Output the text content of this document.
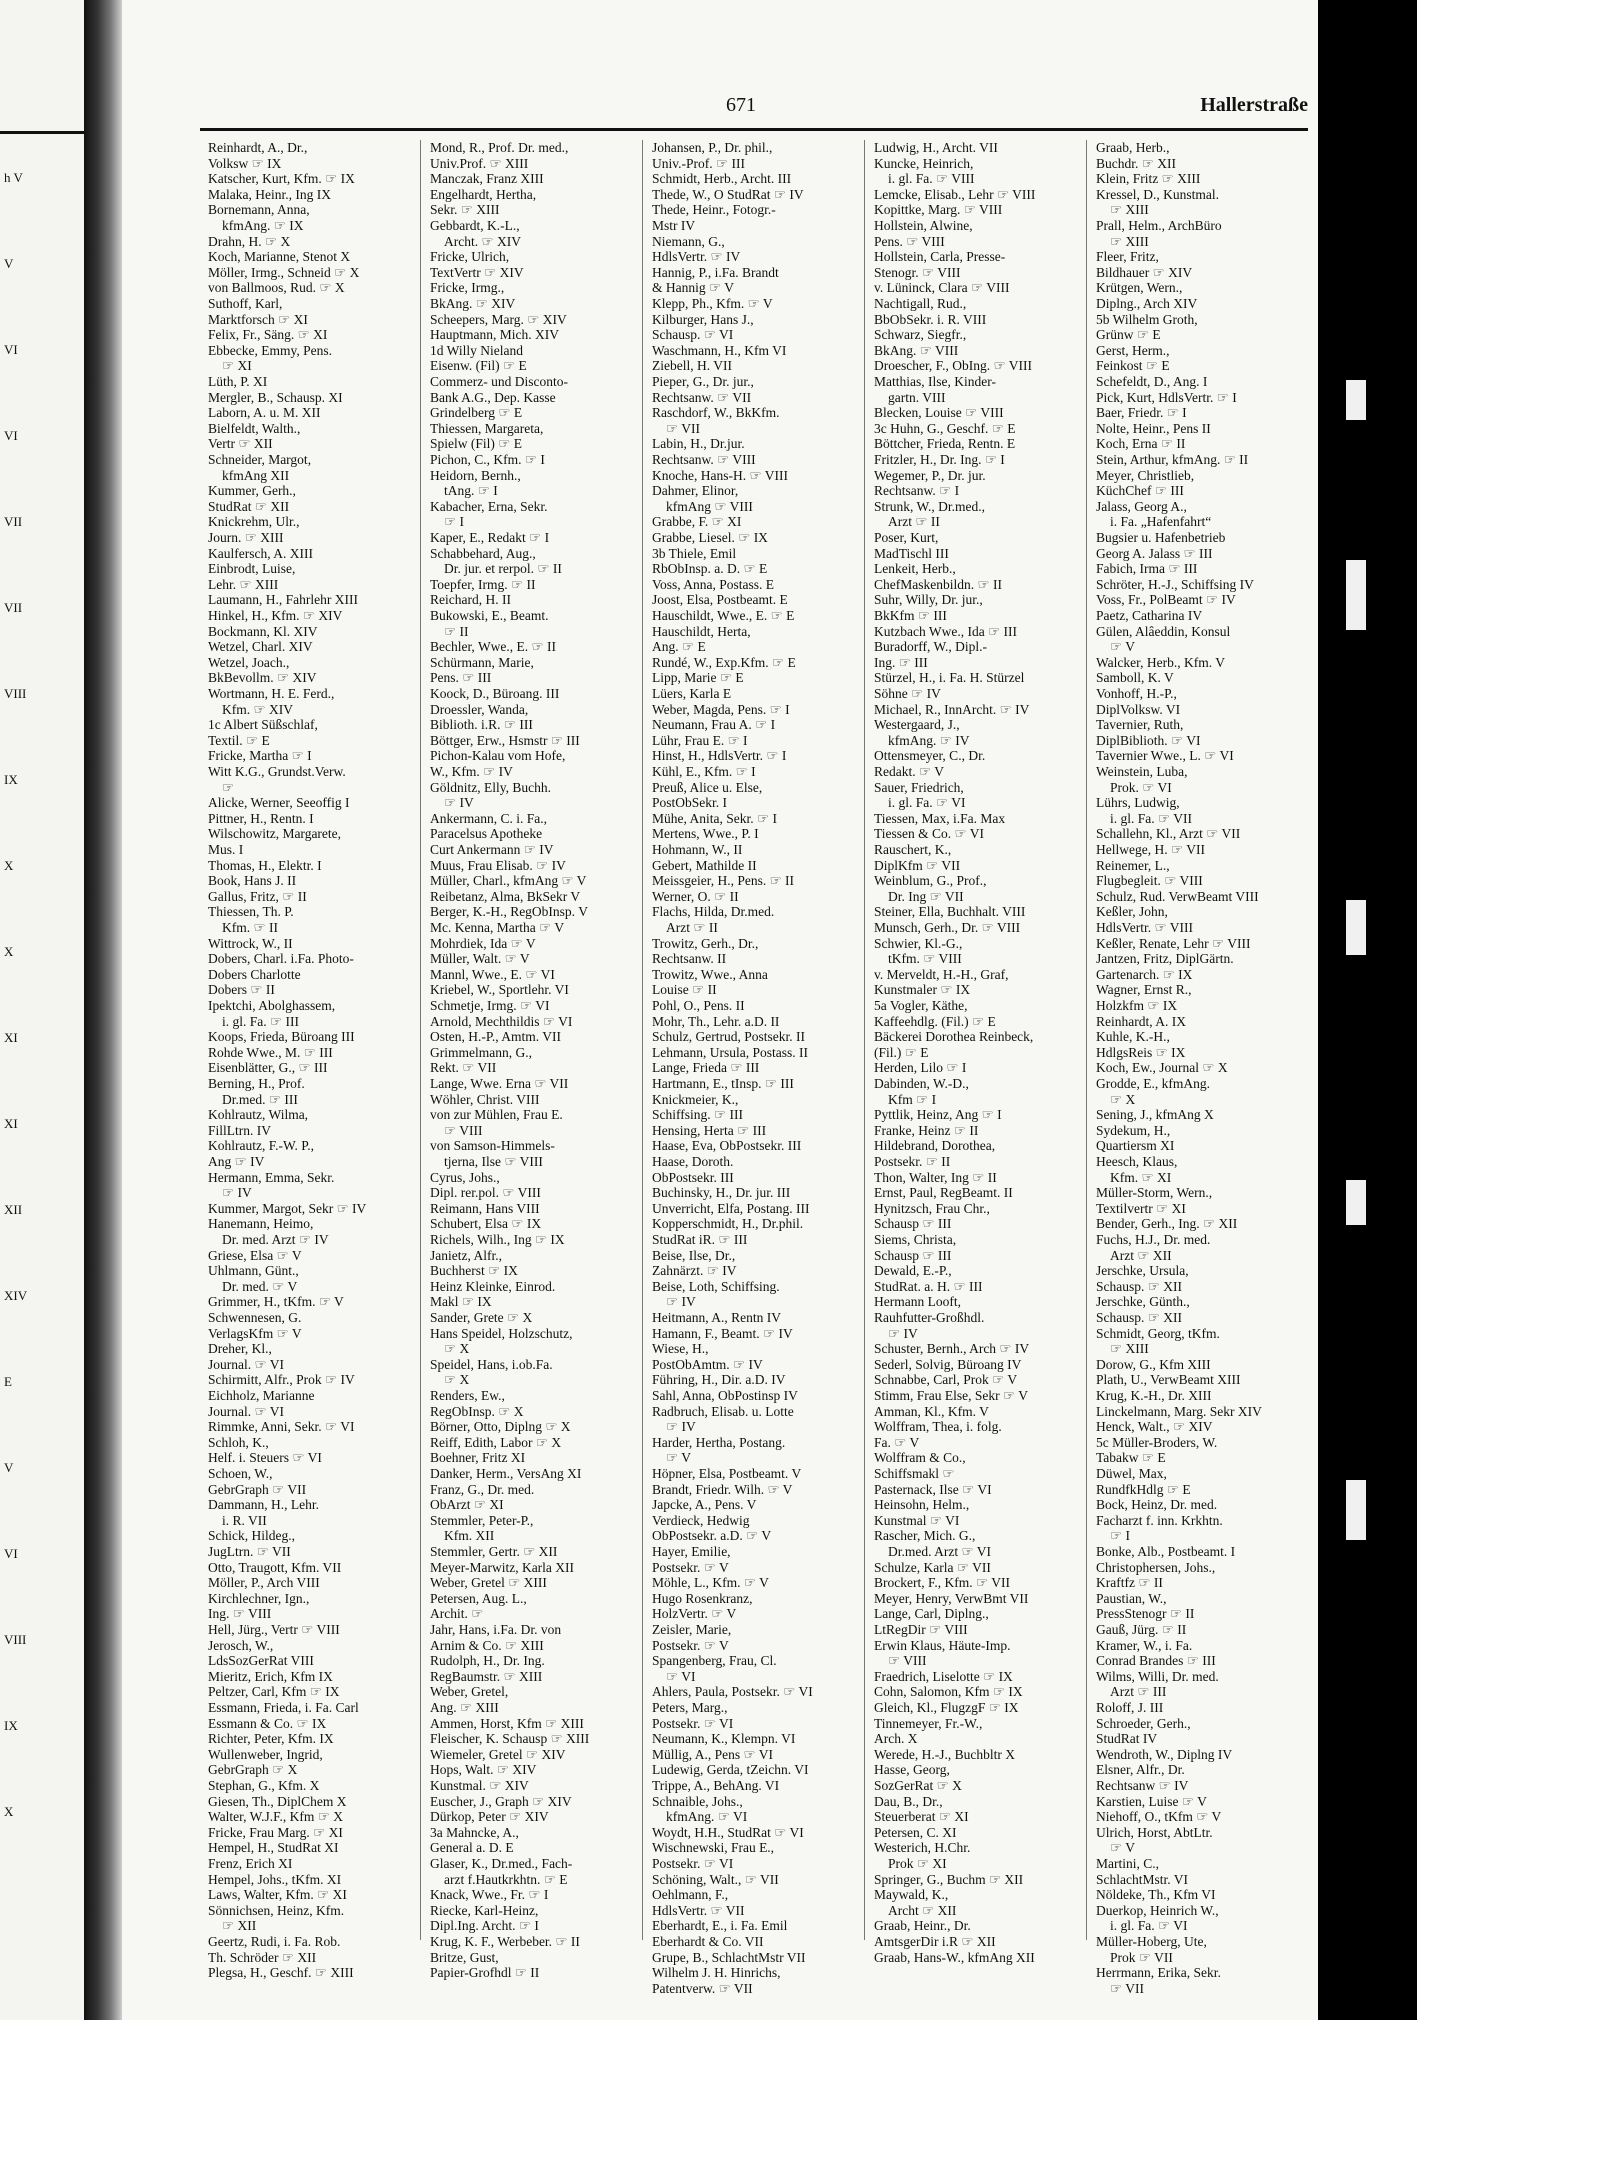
h V
V
VI
VI
VII
VII
VIII
IX
X
X
XI
XI
XII
XIV
E
V
VI
VIII
IX
X
671	Hallerstraße
Reinhardt, A., Dr.,
Volksw ☞ IX
Katscher, Kurt, Kfm. ☞ IX
Malaka, Heinr., Ing IX
Bornemann, Anna,
kfmAng. ☞ IX
Drahn, H. ☞ X
Koch, Marianne, Stenot X
Möller, Irmg., Schneid ☞ X
von Ballmoos, Rud. ☞ X
Suthoff, Karl,
Marktforsch ☞ XI
Felix, Fr., Säng. ☞ XI
Ebbecke, Emmy, Pens.
☞ XI
Lüth, P. XI
Mergler, B., Schausp. XI
Laborn, A. u. M. XII
Bielfeldt, Walth.,
Vertr ☞ XII
Schneider, Margot,
kfmAng XII
Kummer, Gerh.,
StudRat ☞ XII
Knickrehm, Ulr.,
Journ. ☞ XIII
Kaulfersch, A. XIII
Einbrodt, Luise,
Lehr. ☞ XIII
Laumann, H., Fahrlehr XIII
Hinkel, H., Kfm. ☞ XIV
Bockmann, Kl. XIV
Wetzel, Charl. XIV
Wetzel, Joach.,
BkBevollm. ☞ XIV
Wortmann, H. E. Ferd.,
Kfm. ☞ XIV
1c Albert Süßschlaf,
Textil. ☞ E
Fricke, Martha ☞ I
Witt K.G., Grundst.Verw.
☞
Alicke, Werner, Seeoffig I
Pittner, H., Rentn. I
Wilschowitz, Margarete,
Mus. I
Thomas, H., Elektr. I
Book, Hans J. II
Gallus, Fritz, ☞ II
Thiessen, Th. P.
Kfm. ☞ II
Wittrock, W., II
Dobers, Charl. i.Fa. Photo-
Dobers Charlotte
Dobers ☞ II
Ipektchi, Abolghassem,
i. gl. Fa. ☞ III
Koops, Frieda, Büroang III
Rohde Wwe., M. ☞ III
Eisenblätter, G., ☞ III
Berning, H., Prof.
Dr.med. ☞ III
Kohlrautz, Wilma,
FillLtrn. IV
Kohlrautz, F.-W. P.,
Ang ☞ IV
Hermann, Emma, Sekr.
☞ IV
Kummer, Margot, Sekr ☞ IV
Hanemann, Heimo,
Dr. med. Arzt ☞ IV
Griese, Elsa ☞ V
Uhlmann, Günt.,
Dr. med. ☞ V
Grimmer, H., tKfm. ☞ V
Schwennesen, G.
VerlagsKfm ☞ V
Dreher, Kl.,
Journal. ☞ VI
Schirmitt, Alfr., Prok ☞ IV
Eichholz, Marianne
Journal. ☞ VI
Rimmke, Anni, Sekr. ☞ VI
Schloh, K.,
Helf. i. Steuers ☞ VI
Schoen, W.,
GebrGraph ☞ VII
Dammann, H., Lehr.
i. R. VII
Schick, Hildeg.,
JugLtrn. ☞ VII
Otto, Traugott, Kfm. VII
Möller, P., Arch VIII
Kirchlechner, Ign.,
Ing. ☞ VIII
Hell, Jürg., Vertr ☞ VIII
Jerosch, W.,
LdsSozGerRat VIII
Mieritz, Erich, Kfm IX
Peltzer, Carl, Kfm ☞ IX
Essmann, Frieda, i. Fa. Carl
Essmann & Co. ☞ IX
Richter, Peter, Kfm. IX
Wullenweber, Ingrid,
GebrGraph ☞ X
Stephan, G., Kfm. X
Giesen, Th., DiplChem X
Walter, W.J.F., Kfm ☞ X
Fricke, Frau Marg. ☞ XI
Hempel, H., StudRat XI
Frenz, Erich XI
Hempel, Johs., tKfm. XI
Laws, Walter, Kfm. ☞ XI
Sönnichsen, Heinz, Kfm.
☞ XII
Geertz, Rudi, i. Fa. Rob.
Th. Schröder ☞ XII
Plegsa, H., Geschf. ☞ XIII
Mond, R., Prof. Dr. med.,
Univ.Prof. ☞ XIII
Manczak, Franz XIII
Engelhardt, Hertha,
Sekr. ☞ XIII
Gebbardt, K.-L.,
Archt. ☞ XIV
Fricke, Ulrich,
TextVertr ☞ XIV
Fricke, Irmg.,
BkAng. ☞ XIV
Scheepers, Marg. ☞ XIV
Hauptmann, Mich. XIV
1d Willy Nieland
Eisenw. (Fil) ☞ E
Commerz- und Disconto-
Bank A.G., Dep. Kasse
Grindelberg ☞ E
Thiessen, Margareta,
Spielw (Fil) ☞ E
Pichon, C., Kfm. ☞ I
Heidorn, Bernh.,
tAng. ☞ I
Kabacher, Erna, Sekr.
☞ I
Kaper, E., Redakt ☞ I
Schabbehard, Aug.,
Dr. jur. et rerpol. ☞ II
Toepfer, Irmg. ☞ II
Reichard, H. II
Bukowski, E., Beamt.
☞ II
Bechler, Wwe., E. ☞ II
Schürmann, Marie,
Pens. ☞ III
Koock, D., Büroang. III
Droessler, Wanda,
Biblioth. i.R. ☞ III
Böttger, Erw., Hsmstr ☞ III
Pichon-Kalau vom Hofe,
W., Kfm. ☞ IV
Göldnitz, Elly, Buchh.
☞ IV
Ankermann, C. i. Fa.,
Paracelsus Apotheke
Curt Ankermann ☞ IV
Muus, Frau Elisab. ☞ IV
Müller, Charl., kfmAng ☞ V
Reibetanz, Alma, BkSekr V
Berger, K.-H., RegObInsp. V
Mc. Kenna, Martha ☞ V
Mohrdiek, Ida ☞ V
Müller, Walt. ☞ V
Mannl, Wwe., E. ☞ VI
Kriebel, W., Sportlehr. VI
Schmetje, Irmg. ☞ VI
Arnold, Mechthildis ☞ VI
Osten, H.-P., Amtm. VII
Grimmelmann, G.,
Rekt. ☞ VII
Lange, Wwe. Erna ☞ VII
Wöhler, Christ. VIII
von zur Mühlen, Frau E.
☞ VIII
von Samson-Himmels-
tjerna, Ilse ☞ VIII
Cyrus, Johs.,
Dipl. rer.pol. ☞ VIII
Reimann, Hans VIII
Schubert, Elsa ☞ IX
Richels, Wilh., Ing ☞ IX
Janietz, Alfr.,
Buchherst ☞ IX
Heinz Kleinke, Einrod.
Makl ☞ IX
Sander, Grete ☞ X
Hans Speidel, Holzschutz,
☞ X
Speidel, Hans, i.ob.Fa.
☞ X
Renders, Ew.,
RegObInsp. ☞ X
Börner, Otto, Diplng ☞ X
Reiff, Edith, Labor ☞ X
Boehner, Fritz XI
Danker, Herm., VersAng XI
Franz, G., Dr. med.
ObArzt ☞ XI
Stemmler, Peter-P.,
Kfm. XII
Stemmler, Gertr. ☞ XII
Meyer-Marwitz, Karla XII
Weber, Gretel ☞ XIII
Petersen, Aug. L.,
Archit. ☞
Jahr, Hans, i.Fa. Dr. von
Arnim & Co. ☞ XIII
Rudolph, H., Dr. Ing.
RegBaumstr. ☞ XIII
Weber, Gretel,
Ang. ☞ XIII
Ammen, Horst, Kfm ☞ XIII
Fleischer, K. Schausp ☞ XIII
Wiemeler, Gretel ☞ XIV
Hops, Walt. ☞ XIV
Kunstmal. ☞ XIV
Euscher, J., Graph ☞ XIV
Dürkop, Peter ☞ XIV
3a Mahncke, A.,
General a. D. E
Glaser, K., Dr.med., Fach-
arzt f.Hautkrkhtn. ☞ E
Knack, Wwe., Fr. ☞ I
Riecke, Karl-Heinz,
Dipl.Ing. Archt. ☞ I
Krug, K. F., Werbeber. ☞ II
Britze, Gust,
Papier-Grofhdl ☞ II
Johansen, P., Dr. phil.,
Univ.-Prof. ☞ III
Schmidt, Herb., Archt. III
Thede, W., O StudRat ☞ IV
Thede, Heinr., Fotogr.-
Mstr IV
Niemann, G.,
HdlsVertr. ☞ IV
Hannig, P., i.Fa. Brandt
& Hannig ☞ V
Klepp, Ph., Kfm. ☞ V
Kilburger, Hans J.,
Schausp. ☞ VI
Waschmann, H., Kfm VI
Ziebell, H. VII
Pieper, G., Dr. jur.,
Rechtsanw. ☞ VII
Raschdorf, W., BkKfm.
☞ VII
Labin, H., Dr.jur.
Rechtsanw. ☞ VIII
Knoche, Hans-H. ☞ VIII
Dahmer, Elinor,
kfmAng ☞ VIII
Grabbe, F. ☞ XI
Grabbe, Liesel. ☞ IX
3b Thiele, Emil
RbObInsp. a. D. ☞ E
Voss, Anna, Postass. E
Joost, Elsa, Postbeamt. E
Hauschildt, Wwe., E. ☞ E
Hauschildt, Herta,
Ang. ☞ E
Rundé, W., Exp.Kfm. ☞ E
Lipp, Marie ☞ E
Lüers, Karla E
Weber, Magda, Pens. ☞ I
Neumann, Frau A. ☞ I
Lühr, Frau E. ☞ I
Hinst, H., HdlsVertr. ☞ I
Kühl, E., Kfm. ☞ I
Preuß, Alice u. Else,
PostObSekr. I
Mühe, Anita, Sekr. ☞ I
Mertens, Wwe., P. I
Hohmann, W., II
Gebert, Mathilde II
Meissgeier, H., Pens. ☞ II
Werner, O. ☞ II
Flachs, Hilda, Dr.med.
Arzt ☞ II
Trowitz, Gerh., Dr.,
Rechtsanw. II
Trowitz, Wwe., Anna
Louise ☞ II
Pohl, O., Pens. II
Mohr, Th., Lehr. a.D. II
Schulz, Gertrud, Postsekr. II
Lehmann, Ursula, Postass. II
Lange, Frieda ☞ III
Hartmann, E., tInsp. ☞ III
Knickmeier, K.,
Schiffsing. ☞ III
Hensing, Herta ☞ III
Haase, Eva, ObPostsekr. III
Haase, Doroth.
ObPostsekr. III
Buchinsky, H., Dr. jur. III
Unverricht, Elfa, Postang. III
Kopperschmidt, H., Dr.phil.
StudRat iR. ☞ III
Beise, Ilse, Dr.,
Zahnärzt. ☞ IV
Beise, Loth, Schiffsing.
☞ IV
Heitmann, A., Rentn IV
Hamann, F., Beamt. ☞ IV
Wiese, H.,
PostObAmtm. ☞ IV
Führing, H., Dir. a.D. IV
Sahl, Anna, ObPostinsp IV
Radbruch, Elisab. u. Lotte
☞ IV
Harder, Hertha, Postang.
☞ V
Höpner, Elsa, Postbeamt. V
Brandt, Friedr. Wilh. ☞ V
Japcke, A., Pens. V
Verdieck, Hedwig
ObPostsekr. a.D. ☞ V
Hayer, Emilie,
Postsekr. ☞ V
Möhle, L., Kfm. ☞ V
Hugo Rosenkranz,
HolzVertr. ☞ V
Zeisler, Marie,
Postsekr. ☞ V
Spangenberg, Frau, Cl.
☞ VI
Ahlers, Paula, Postsekr. ☞ VI
Peters, Marg.,
Postsekr. ☞ VI
Neumann, K., Klempn. VI
Müllig, A., Pens ☞ VI
Ludewig, Gerda, tZeichn. VI
Trippe, A., BehAng. VI
Schnaible, Johs.,
kfmAng. ☞ VI
Woydt, H.H., StudRat ☞ VI
Wischnewski, Frau E.,
Postsekr. ☞ VI
Schöning, Walt., ☞ VII
Oehlmann, F.,
HdlsVertr. ☞ VII
Eberhardt, E., i. Fa. Emil
Eberhardt & Co. VII
Grupe, B., SchlachtMstr VII
Wilhelm J. H. Hinrichs,
Patentverw. ☞ VII
Ludwig, H., Archt. VII
Kuncke, Heinrich,
i. gl. Fa. ☞ VIII
Lemcke, Elisab., Lehr ☞ VIII
Kopittke, Marg. ☞ VIII
Hollstein, Alwine,
Pens. ☞ VIII
Hollstein, Carla, Presse-
Stenogr. ☞ VIII
v. Lüninck, Clara ☞ VIII
Nachtigall, Rud.,
BbObSekr. i. R. VIII
Schwarz, Siegfr.,
BkAng. ☞ VIII
Droescher, F., ObIng. ☞ VIII
Matthias, Ilse, Kinder-
gartn. VIII
Blecken, Louise ☞ VIII
3c Huhn, G., Geschf. ☞ E
Böttcher, Frieda, Rentn. E
Fritzler, H., Dr. Ing. ☞ I
Wegemer, P., Dr. jur.
Rechtsanw. ☞ I
Strunk, W., Dr.med.,
Arzt ☞ II
Poser, Kurt,
MadTischl III
Lenkeit, Herb.,
ChefMaskenbildn. ☞ II
Suhr, Willy, Dr. jur.,
BkKfm ☞ III
Kutzbach Wwe., Ida ☞ III
Buradorff, W., Dipl.-
Ing. ☞ III
Stürzel, H., i. Fa. H. Stürzel
Söhne ☞ IV
Michael, R., InnArcht. ☞ IV
Westergaard, J.,
kfmAng. ☞ IV
Ottensmeyer, C., Dr.
Redakt. ☞ V
Sauer, Friedrich,
i. gl. Fa. ☞ VI
Tiessen, Max, i.Fa. Max
Tiessen & Co. ☞ VI
Rauschert, K.,
DiplKfm ☞ VII
Weinblum, G., Prof.,
Dr. Ing ☞ VII
Steiner, Ella, Buchhalt. VIII
Munsch, Gerh., Dr. ☞ VIII
Schwier, Kl.-G.,
tKfm. ☞ VIII
v. Merveldt, H.-H., Graf,
Kunstmaler ☞ IX
5a Vogler, Käthe,
Kaffeehdlg. (Fil.) ☞ E
Bäckerei Dorothea Reinbeck,
(Fil.) ☞ E
Herden, Lilo ☞ I
Dabinden, W.-D.,
Kfm ☞ I
Pyttlik, Heinz, Ang ☞ I
Franke, Heinz ☞ II
Hildebrand, Dorothea,
Postsekr. ☞ II
Thon, Walter, Ing ☞ II
Ernst, Paul, RegBeamt. II
Hynitzsch, Frau Chr.,
Schausp ☞ III
Siems, Christa,
Schausp ☞ III
Dewald, E.-P.,
StudRat. a. H. ☞ III
Hermann Looft,
Rauhfutter-Großhdl.
☞ IV
Schuster, Bernh., Arch ☞ IV
Sederl, Solvig, Büroang IV
Schnabbe, Carl, Prok ☞ V
Stimm, Frau Else, Sekr ☞ V
Amman, Kl., Kfm. V
Wolffram, Thea, i. folg.
Fa. ☞ V
Wolffram & Co.,
Schiffsmakl ☞
Pasternack, Ilse ☞ VI
Heinsohn, Helm.,
Kunstmal ☞ VI
Rascher, Mich. G.,
Dr.med. Arzt ☞ VI
Schulze, Karla ☞ VII
Brockert, F., Kfm. ☞ VII
Meyer, Henry, VerwBmt VII
Lange, Carl, Diplng.,
LtRegDir ☞ VIII
Erwin Klaus, Häute-Imp.
☞ VIII
Fraedrich, Liselotte ☞ IX
Cohn, Salomon, Kfm ☞ IX
Gleich, Kl., FlugzgF ☞ IX
Tinnemeyer, Fr.-W.,
Arch. X
Werede, H.-J., Buchbltr X
Hasse, Georg,
SozGerRat ☞ X
Dau, B., Dr.,
Steuerberat ☞ XI
Petersen, C. XI
Westerich, H.Chr.
Prok ☞ XI
Springer, G., Buchm ☞ XII
Maywald, K.,
Archt ☞ XII
Graab, Heinr., Dr.
AmtsgerDir i.R ☞ XII
Graab, Hans-W., kfmAng XII
Graab, Herb.,
Buchdr. ☞ XII
Klein, Fritz ☞ XIII
Kressel, D., Kunstmal.
☞ XIII
Prall, Helm., ArchBüro
☞ XIII
Fleer, Fritz,
Bildhauer ☞ XIV
Krütgen, Wern.,
Diplng., Arch XIV
5b Wilhelm Groth,
Grünw ☞ E
Gerst, Herm.,
Feinkost ☞ E
Schefeldt, D., Ang. I
Pick, Kurt, HdlsVertr. ☞ I
Baer, Friedr. ☞ I
Nolte, Heinr., Pens II
Koch, Erna ☞ II
Stein, Arthur, kfmAng. ☞ II
Meyer, Christlieb,
KüchChef ☞ III
Jalass, Georg A.,
i. Fa. „Hafenfahrt“
Bugsier u. Hafenbetrieb
Georg A. Jalass ☞ III
Fabich, Irma ☞ III
Schröter, H.-J., Schiffsing IV
Voss, Fr., PolBeamt ☞ IV
Paetz, Catharina IV
Gülen, Alâeddin, Konsul
☞ V
Walcker, Herb., Kfm. V
Samboll, K. V
Vonhoff, H.-P.,
DiplVolksw. VI
Tavernier, Ruth,
DiplBiblioth. ☞ VI
Tavernier Wwe., L. ☞ VI
Weinstein, Luba,
Prok. ☞ VI
Lührs, Ludwig,
i. gl. Fa. ☞ VII
Schallehn, Kl., Arzt ☞ VII
Hellwege, H. ☞ VII
Reinemer, L.,
Flugbegleit. ☞ VIII
Schulz, Rud. VerwBeamt VIII
Keßler, John,
HdlsVertr. ☞ VIII
Keßler, Renate, Lehr ☞ VIII
Jantzen, Fritz, DiplGärtn.
Gartenarch. ☞ IX
Wagner, Ernst R.,
Holzkfm ☞ IX
Reinhardt, A. IX
Kuhle, K.-H.,
HdlgsReis ☞ IX
Koch, Ew., Journal ☞ X
Grodde, E., kfmAng.
☞ X
Sening, J., kfmAng X
Sydekum, H.,
Quartiersm XI
Heesch, Klaus,
Kfm. ☞ XI
Müller-Storm, Wern.,
Textilvertr ☞ XI
Bender, Gerh., Ing. ☞ XII
Fuchs, H.J., Dr. med.
Arzt ☞ XII
Jerschke, Ursula,
Schausp. ☞ XII
Jerschke, Günth.,
Schausp. ☞ XII
Schmidt, Georg, tKfm.
☞ XIII
Dorow, G., Kfm XIII
Plath, U., VerwBeamt XIII
Krug, K.-H., Dr. XIII
Linckelmann, Marg. Sekr XIV
Henck, Walt., ☞ XIV
5c Müller-Broders, W.
Tabakw ☞ E
Düwel, Max,
RundfkHdlg ☞ E
Bock, Heinz, Dr. med.
Facharzt f. inn. Krkhtn.
☞ I
Bonke, Alb., Postbeamt. I
Christophersen, Johs.,
Kraftfz ☞ II
Paustian, W.,
PressStenogr ☞ II
Gauß, Jürg. ☞ II
Kramer, W., i. Fa.
Conrad Brandes ☞ III
Wilms, Willi, Dr. med.
Arzt ☞ III
Roloff, J. III
Schroeder, Gerh.,
StudRat IV
Wendroth, W., Diplng IV
Elsner, Alfr., Dr.
Rechtsanw ☞ IV
Karstien, Luise ☞ V
Niehoff, O., tKfm ☞ V
Ulrich, Horst, AbtLtr.
☞ V
Martini, C.,
SchlachtMstr. VI
Nöldeke, Th., Kfm VI
Duerkop, Heinrich W.,
i. gl. Fa. ☞ VI
Müller-Hoberg, Ute,
Prok ☞ VII
Herrmann, Erika, Sekr.
☞ VII
